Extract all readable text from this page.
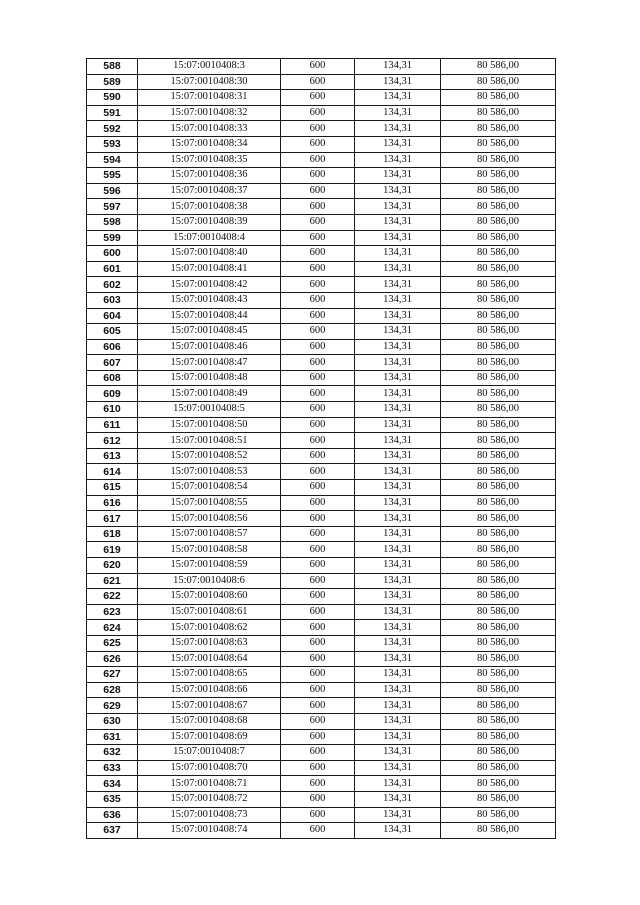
588	15:07:0010408:3	600	134,31	80 586,00
589	15:07:0010408:30	600	134,31	80 586,00
590	15:07:0010408:31	600	134,31	80 586,00
591	15:07:0010408:32	600	134,31	80 586,00
592	15:07:0010408:33	600	134,31	80 586,00
593	15:07:0010408:34	600	134,31	80 586,00
594	15:07:0010408:35	600	134,31	80 586,00
595	15:07:0010408:36	600	134,31	80 586,00
596	15:07:0010408:37	600	134,31	80 586,00
597	15:07:0010408:38	600	134,31	80 586,00
598	15:07:0010408:39	600	134,31	80 586,00
599	15:07:0010408:4	600	134,31	80 586,00
600	15:07:0010408:40	600	134,31	80 586,00
601	15:07:0010408:41	600	134,31	80 586,00
602	15:07:0010408:42	600	134,31	80 586,00
603	15:07:0010408:43	600	134,31	80 586,00
604	15:07:0010408:44	600	134,31	80 586,00
605	15:07:0010408:45	600	134,31	80 586,00
606	15:07:0010408:46	600	134,31	80 586,00
607	15:07:0010408:47	600	134,31	80 586,00
608	15:07:0010408:48	600	134,31	80 586,00
609	15:07:0010408:49	600	134,31	80 586,00
610	15:07:0010408:5	600	134,31	80 586,00
611	15:07:0010408:50	600	134,31	80 586,00
612	15:07:0010408:51	600	134,31	80 586,00
613	15:07:0010408:52	600	134,31	80 586,00
614	15:07:0010408:53	600	134,31	80 586,00
615	15:07:0010408:54	600	134,31	80 586,00
616	15:07:0010408:55	600	134,31	80 586,00
617	15:07:0010408:56	600	134,31	80 586,00
618	15:07:0010408:57	600	134,31	80 586,00
619	15:07:0010408:58	600	134,31	80 586,00
620	15:07:0010408:59	600	134,31	80 586,00
621	15:07:0010408:6	600	134,31	80 586,00
622	15:07:0010408:60	600	134,31	80 586,00
623	15:07:0010408:61	600	134,31	80 586,00
624	15:07:0010408:62	600	134,31	80 586,00
625	15:07:0010408:63	600	134,31	80 586,00
626	15:07:0010408:64	600	134,31	80 586,00
627	15:07:0010408:65	600	134,31	80 586,00
628	15:07:0010408:66	600	134,31	80 586,00
629	15:07:0010408:67	600	134,31	80 586,00
630	15:07:0010408:68	600	134,31	80 586,00
631	15:07:0010408:69	600	134,31	80 586,00
632	15:07:0010408:7	600	134,31	80 586,00
633	15:07:0010408:70	600	134,31	80 586,00
634	15:07:0010408:71	600	134,31	80 586,00
635	15:07:0010408:72	600	134,31	80 586,00
636	15:07:0010408:73	600	134,31	80 586,00
637	15:07:0010408:74	600	134,31	80 586,00
